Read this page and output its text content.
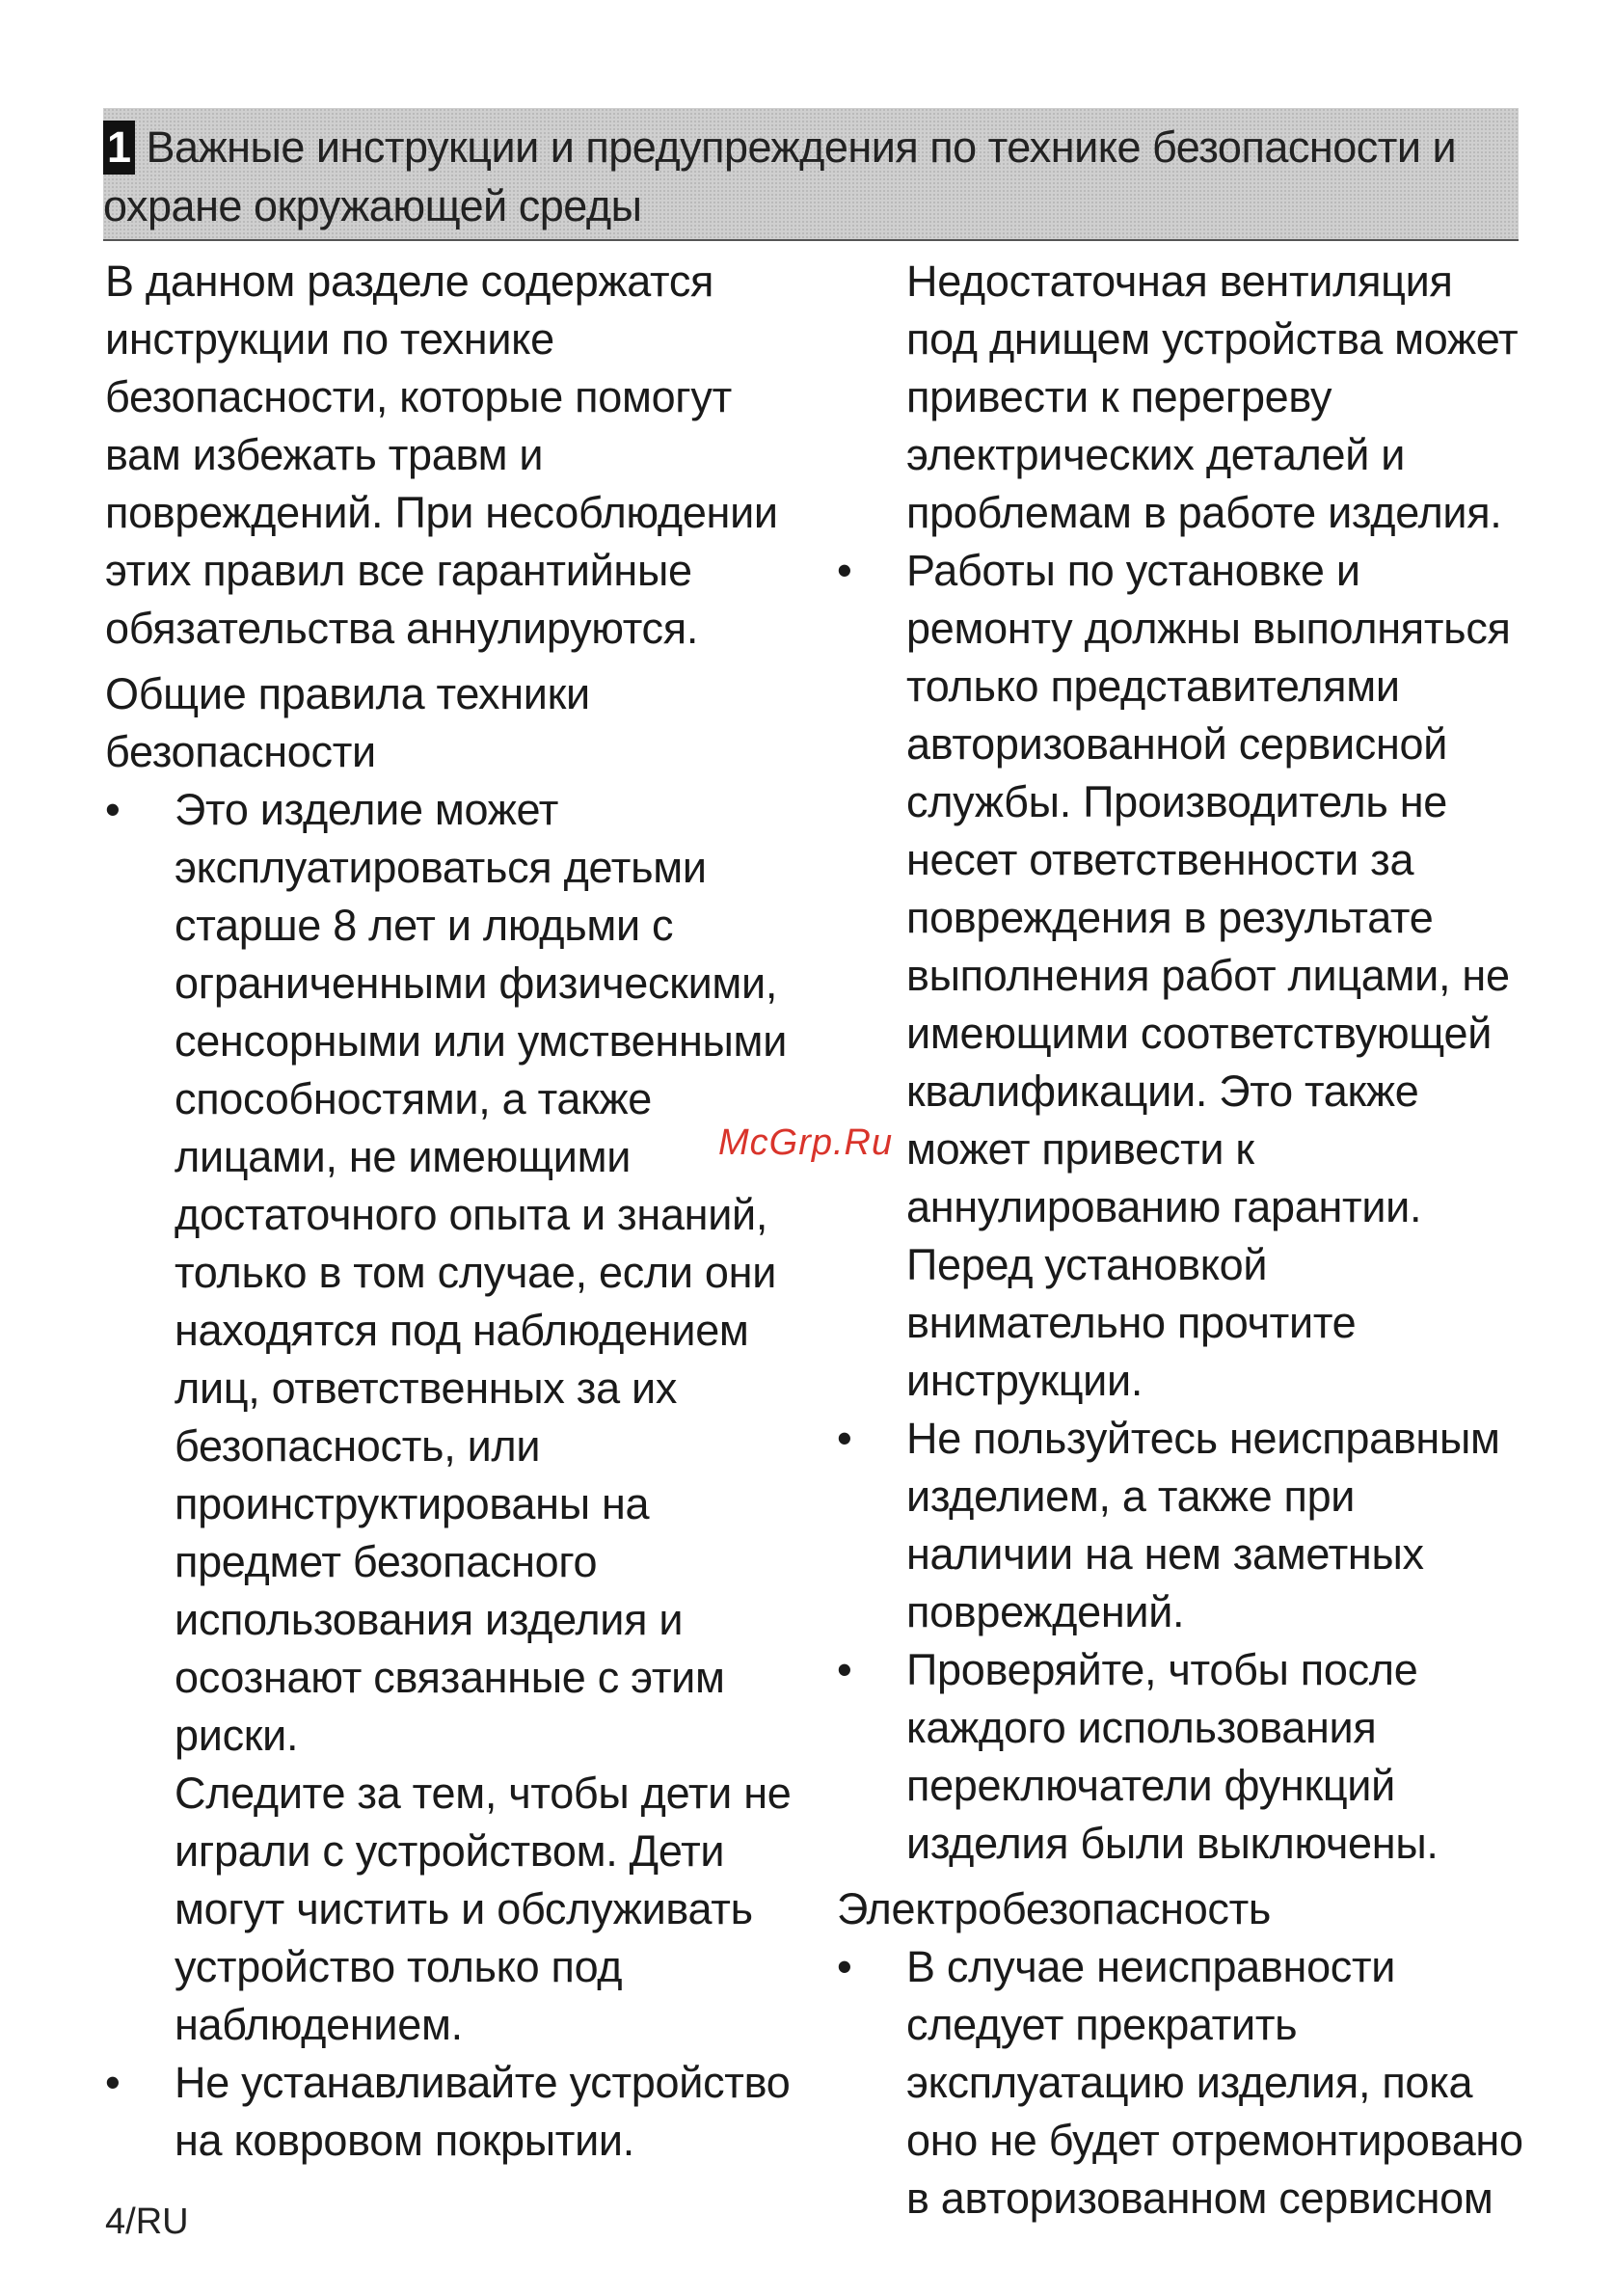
1 Важные инструкции и предупреждения по технике безопасности и охране окружающей среды

В данном разделе содержатся инструкции по технике безопасности, которые помогут вам избежать травм и повреждений. При несоблюдении этих правил все гарантийные обязательства аннулируются.

Общие правила техники безопасности

•	Это изделие может эксплуатироваться детьми старше 8 лет и людьми с ограниченными физическими, сенсорными или умственными способностями, а также лицами, не имеющими достаточного опыта и знаний, только в том случае, если они находятся под наблюдением лиц, ответственных за их безопасность, или проинструктированы на предмет безопасного использования изделия и осознают связанные с этим риски.

Следите за тем, чтобы дети не играли с устройством. Дети могут чистить и обслуживать устройство только под наблюдением.

•	Не устанавливайте устройство на ковровом покрытии.

Недостаточная вентиляция под днищем устройства может привести к перегреву электрических деталей и проблемам в работе изделия.

•	Работы по установке и ремонту должны выполняться только представителями авторизованной сервисной службы. Производитель не несет ответственности за повреждения в результате выполнения работ лицами, не имеющими соответствующей квалификации. Это также может привести к аннулированию гарантии.

Перед установкой внимательно прочтите инструкции.

•	Не пользуйтесь неисправным изделием, а также при наличии на нем заметных повреждений.
•	Проверяйте, чтобы после каждого использования переключатели функций изделия были выключены.

Электробезопасность

•	В случае неисправности следует прекратить эксплуатацию изделия, пока оно не будет отремонтировано в авторизованном сервисном
McGrp.Ru
4/RU
